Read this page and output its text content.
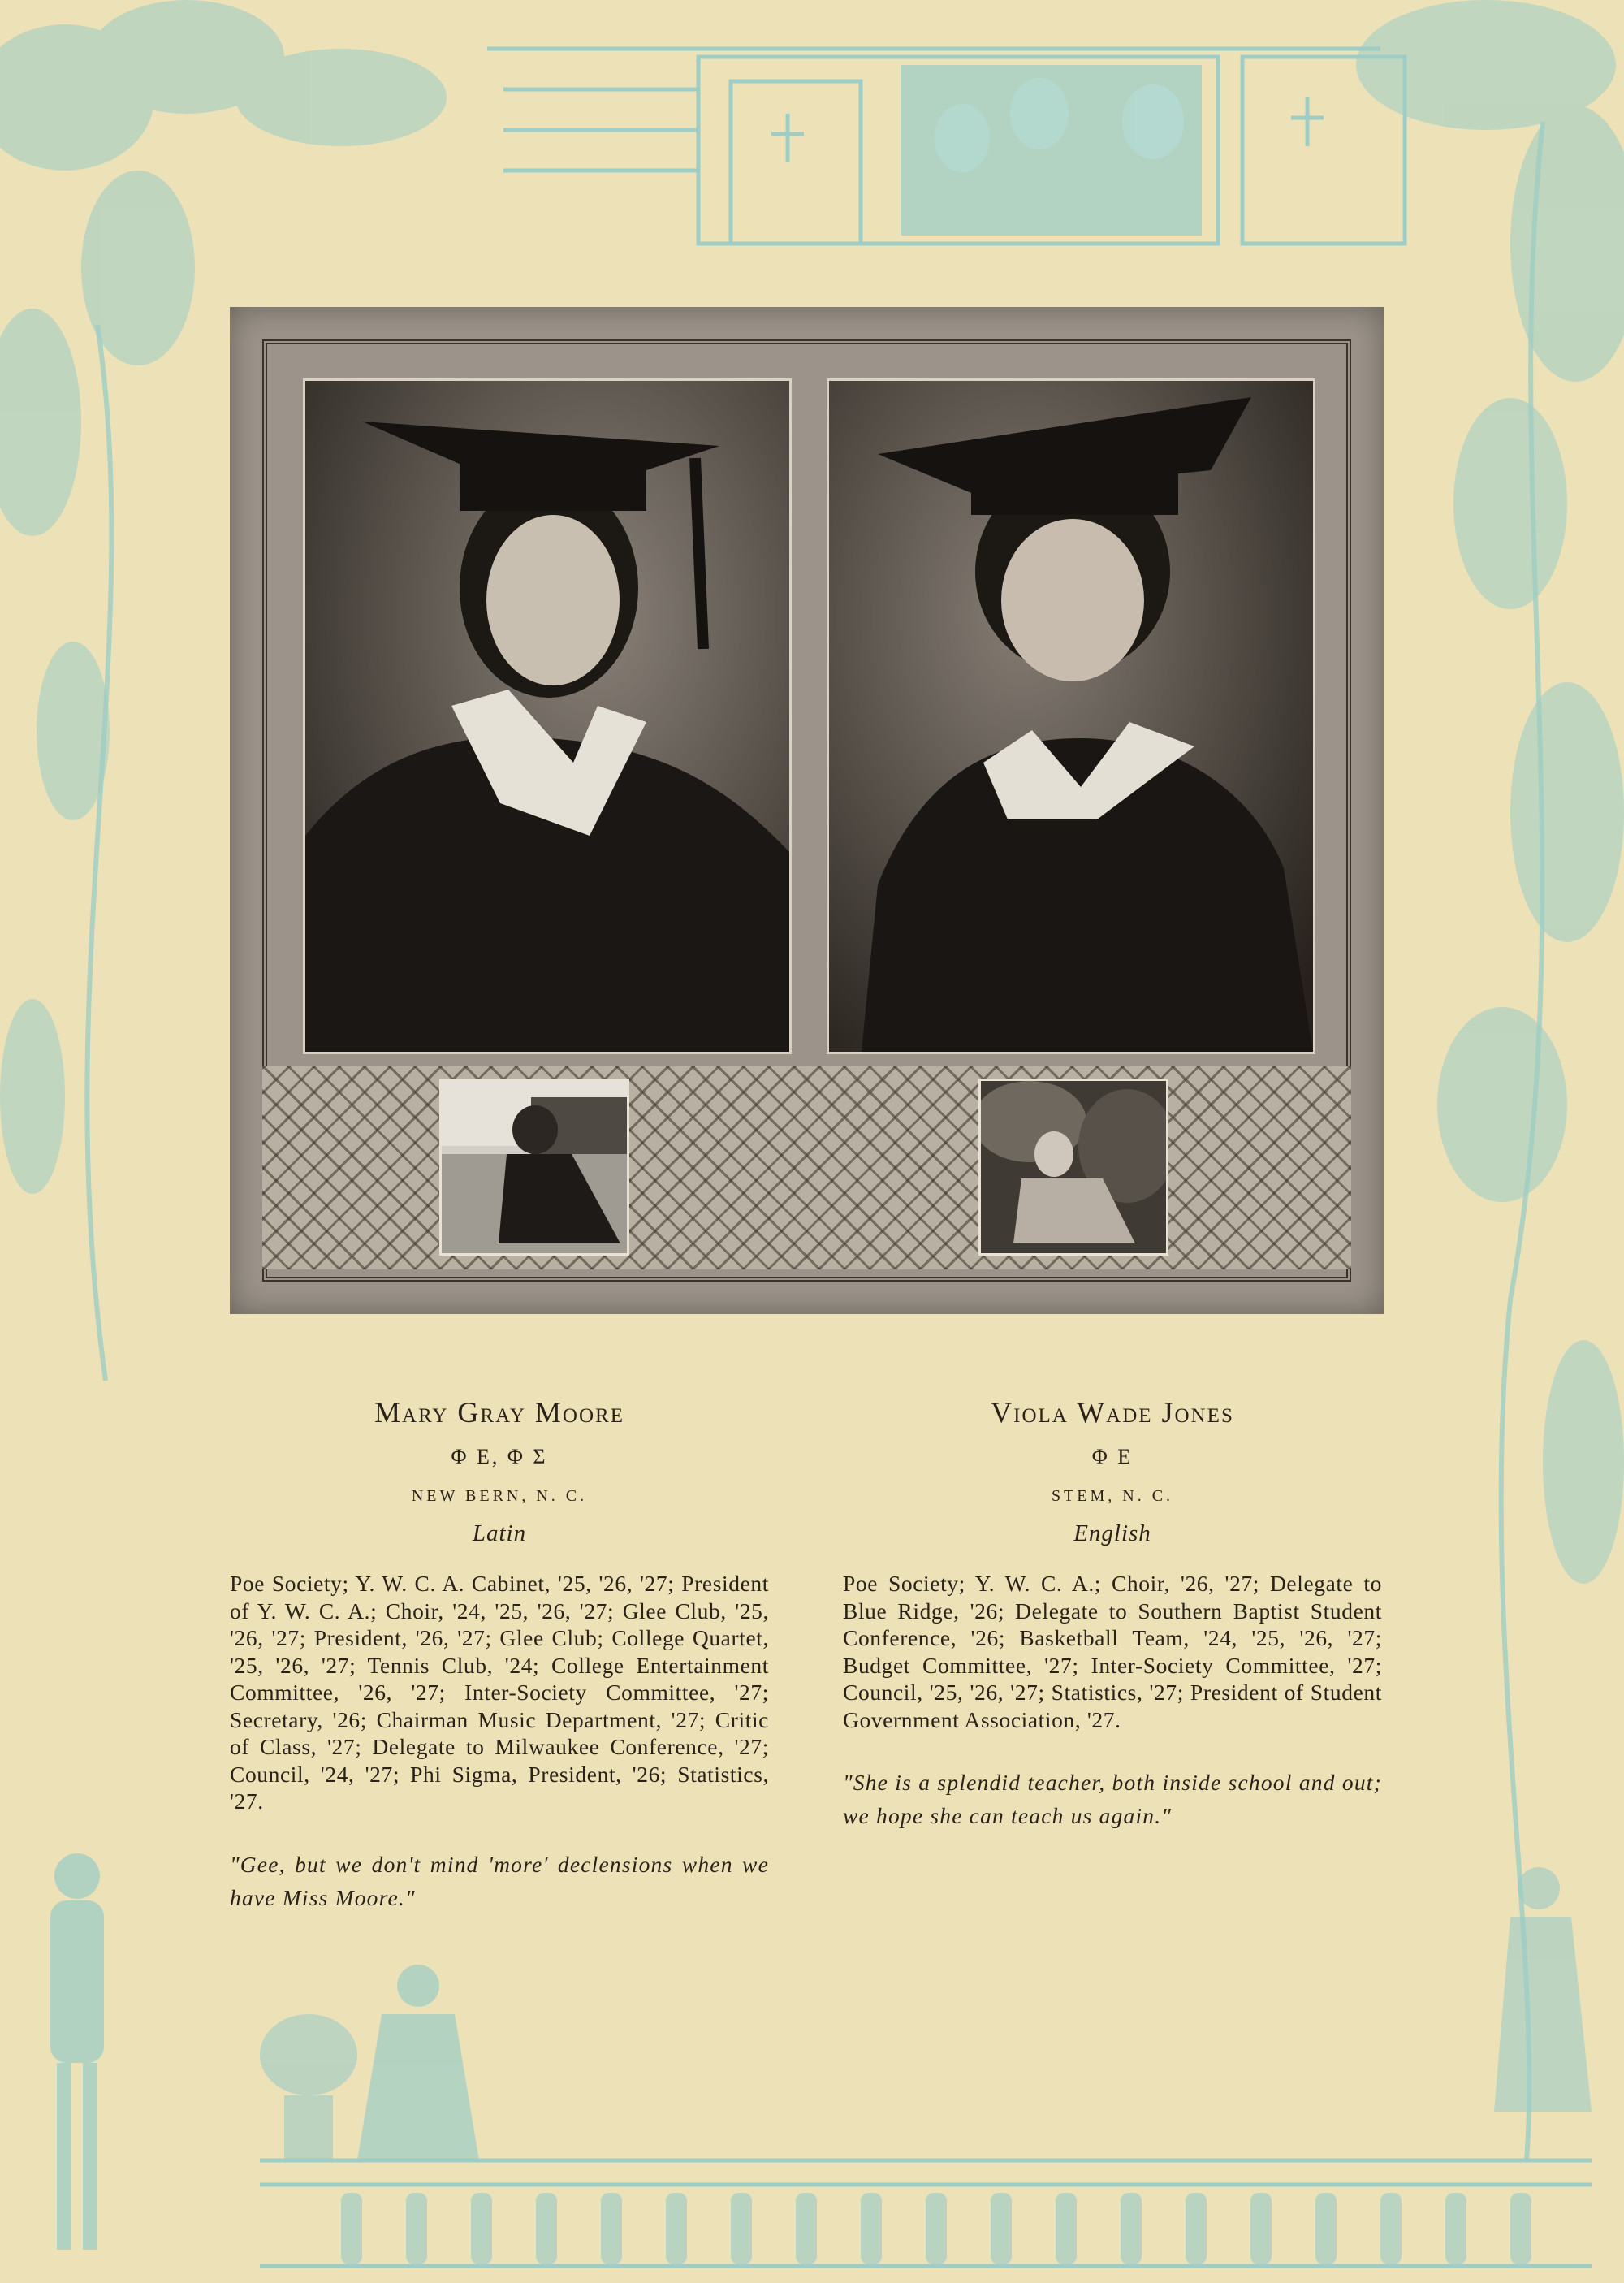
Mary Gray Moore
Φ E, Φ Σ
NEW BERN, N. C.
Latin
Poe Society; Y. W. C. A. Cabinet, '25, '26, '27; President of Y. W. C. A.; Choir, '24, '25, '26, '27; Glee Club, '25, '26, '27; President, '26, '27; Glee Club; College Quartet, '25, '26, '27; Tennis Club, '24; College Entertainment Committee, '26, '27; Inter-Society Committee, '27; Secretary, '26; Chairman Music Department, '27; Critic of Class, '27; Delegate to Milwaukee Conference, '27; Council, '24, '27; Phi Sigma, President, '26; Statistics, '27.
"Gee, but we don't mind 'more' declensions when we have Miss Moore."
Viola Wade Jones
Φ E
STEM, N. C.
English
Poe Society; Y. W. C. A.; Choir, '26, '27; Delegate to Blue Ridge, '26; Delegate to Southern Baptist Student Conference, '26; Basketball Team, '24, '25, '26, '27; Budget Committee, '27; Inter-Society Committee, '27; Council, '25, '26, '27; Statistics, '27; President of Student Government Association, '27.
"She is a splendid teacher, both inside school and out; we hope she can teach us again."
